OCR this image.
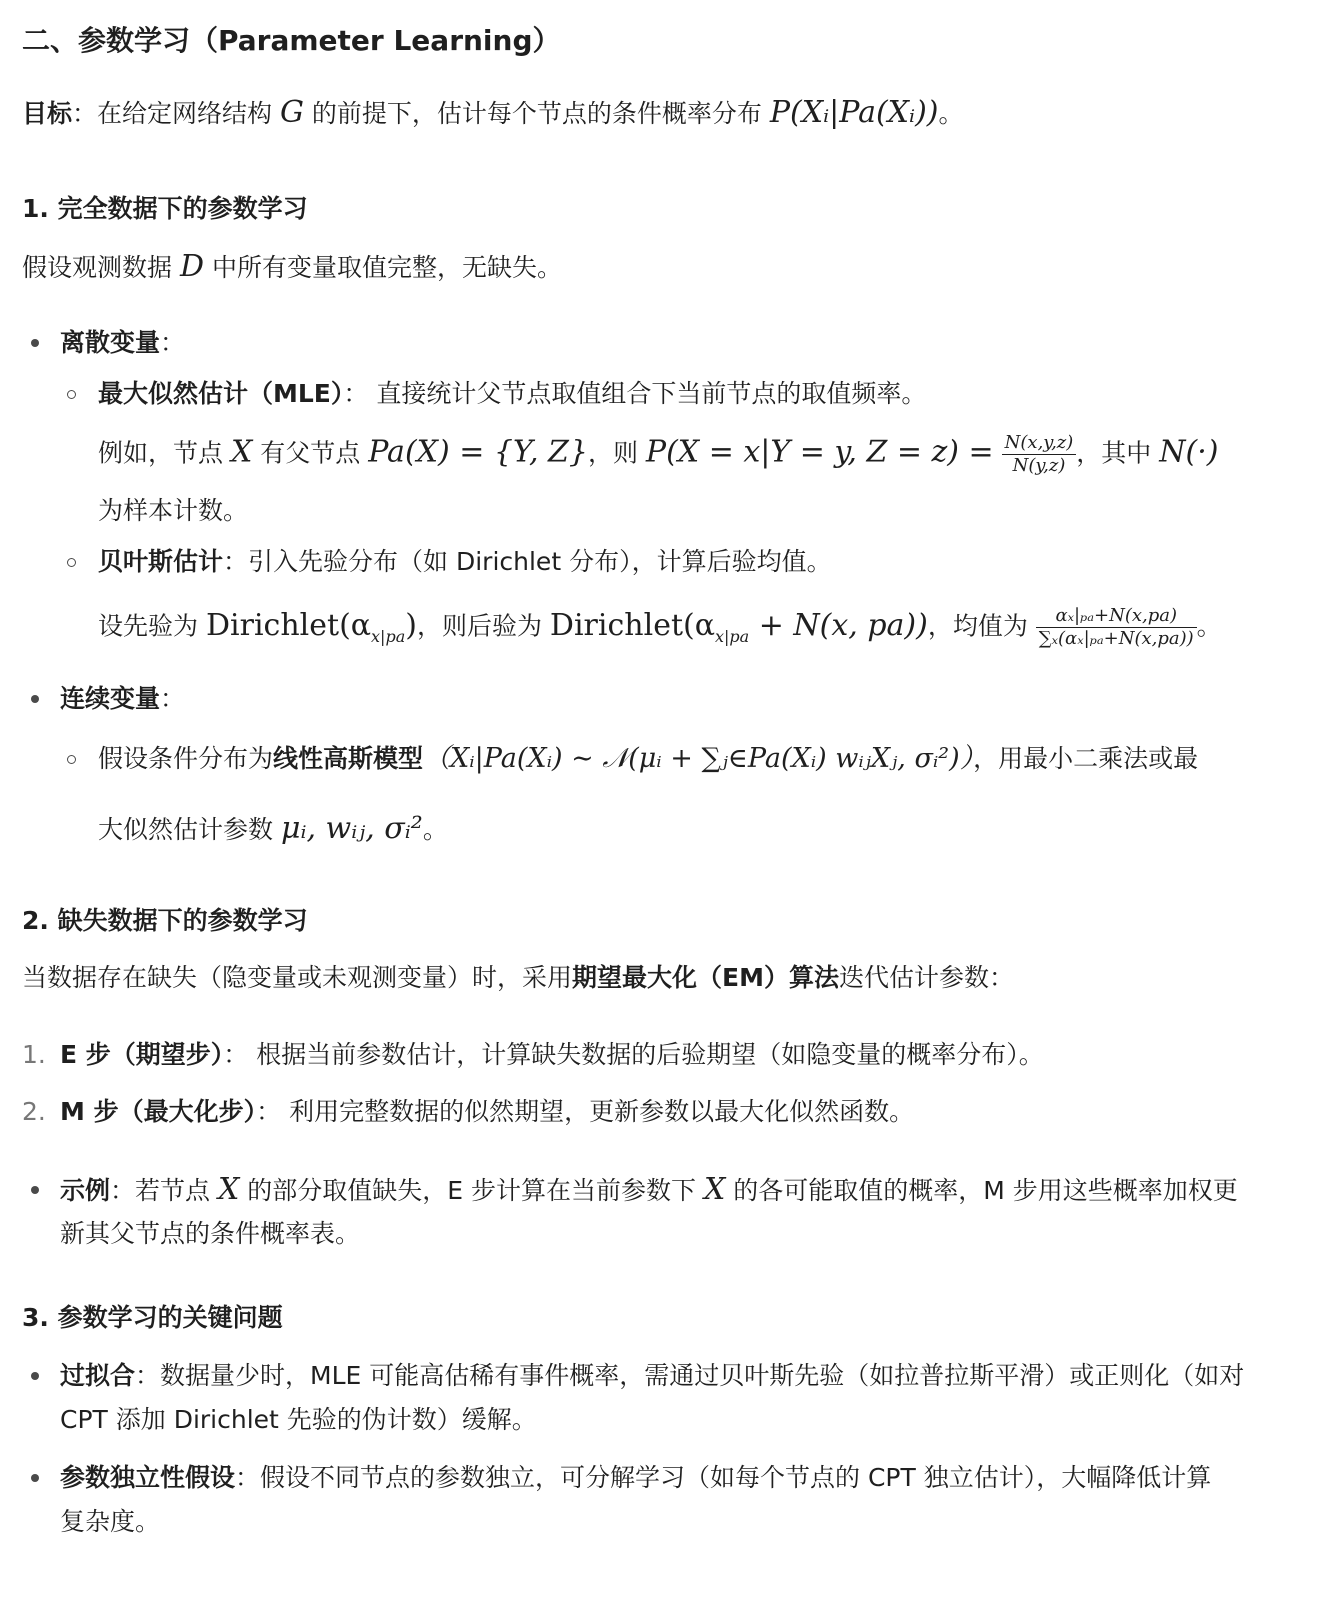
二、参数学习（Parameter Learning）
目标：在给定网络结构 G 的前提下，估计每个节点的条件概率分布 P(Xᵢ|Pa(Xᵢ))。
1. 完全数据下的参数学习
假设观测数据 D 中所有变量取值完整，无缺失。
离散变量：
最大似然估计（MLE）： 直接统计父节点取值组合下当前节点的取值频率。
例如，节点 X 有父节点 Pa(X) = {Y, Z}，则 P(X = x|Y = y, $Z = z) = \frac{N(x,y,z)}{N(y,z)}$ ，其中 N(·)
为样本计数。
贝叶斯估计：引入先验分布（如 Dirichlet 分布），计算后验均值。
设先验为 $Dirichlet(\alpha_{x|pa})$，则后验为 $Dirichlet(\alpha_{x|pa} + N(x$, pa))，均值为 $\frac{\text{αₓ|ₚₐ+N(x,pa)}}{\text{∑ₓ(αₓ|ₚₐ+N(x,pa))}}$ 。
连续变量：
假设条件分布为线性高斯模型（Xᵢ|Pa(Xᵢ) ∼ 𝒩(μᵢ + ∑ⱼ∈Pa(Xᵢ) wᵢⱼXⱼ, σᵢ²)），用最小二乘法或最
大似然估计参数 μᵢ, wᵢⱼ, σᵢ²。
2. 缺失数据下的参数学习
当数据存在缺失（隐变量或未观测变量）时，采用期望最大化（EM）算法迭代估计参数：
1. E 步（期望步）： 根据当前参数估计，计算缺失数据的后验期望（如隐变量的概率分布）。
2. M 步（最大化步）： 利用完整数据的似然期望，更新参数以最大化似然函数。
示例：若节点 X 的部分取值缺失，E 步计算在当前参数下 X 的各可能取值的概率，M 步用这些概率加权更
新其父节点的条件概率表。
3. 参数学习的关键问题
过拟合：数据量少时，MLE 可能高估稀有事件概率，需通过贝叶斯先验（如拉普拉斯平滑）或正则化（如对
CPT 添加 Dirichlet 先验的伪计数）缓解。
参数独立性假设：假设不同节点的参数独立，可分解学习（如每个节点的 CPT 独立估计），大幅降低计算
复杂度。
